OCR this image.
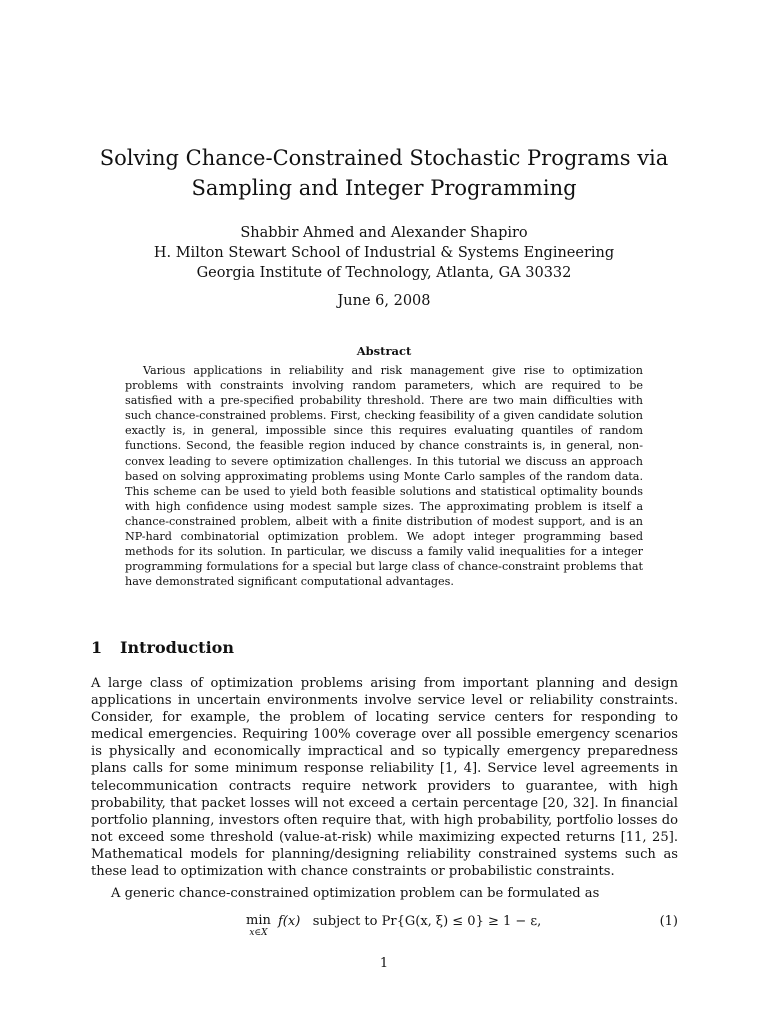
Solving Chance-Constrained Stochastic Programs via
Sampling and Integer Programming
Shabbir Ahmed and Alexander Shapiro
H. Milton Stewart School of Industrial & Systems Engineering
Georgia Institute of Technology, Atlanta, GA 30332
June 6, 2008
Abstract

Various applications in reliability and risk management give rise to optimization problems with constraints involving random parameters, which are required to be satisfied with a pre-specified probability threshold. There are two main difficulties with such chance-constrained problems. First, checking feasibility of a given candidate solution exactly is, in general, impossible since this requires evaluating quantiles of random functions. Second, the feasible region induced by chance constraints is, in general, non-convex leading to severe optimization challenges. In this tutorial we discuss an approach based on solving approximating problems using Monte Carlo samples of the random data. This scheme can be used to yield both feasible solutions and statistical optimality bounds with high confidence using modest sample sizes. The approximating problem is itself a chance-constrained problem, albeit with a finite distribution of modest support, and is an NP-hard combinatorial optimization problem. We adopt integer programming based methods for its solution. In particular, we discuss a family valid inequalities for a integer programming formulations for a special but large class of chance-constraint problems that have demonstrated significant computational advantages.

1 Introduction

A large class of optimization problems arising from important planning and design applications in uncertain environments involve service level or reliability constraints. Consider, for example, the problem of locating service centers for responding to medical emergencies. Requiring 100% coverage over all possible emergency scenarios is physically and economically impractical and so typically emergency preparedness plans calls for some minimum response reliability [1, 4]. Service level agreements in telecommunication contracts require network providers to guarantee, with high probability, that packet losses will not exceed a certain percentage [20, 32]. In financial portfolio planning, investors often require that, with high probability, portfolio losses do not exceed some threshold (value-at-risk) while maximizing expected returns [11, 25]. Mathematical models for planning/designing reliability constrained systems such as these lead to optimization with chance constraints or probabilistic constraints.

A generic chance-constrained optimization problem can be formulated as

min
x∈X
f(x) subject to Pr{G(x, ξ) ≤ 0} ≥ 1 − ε,	(1)
1
